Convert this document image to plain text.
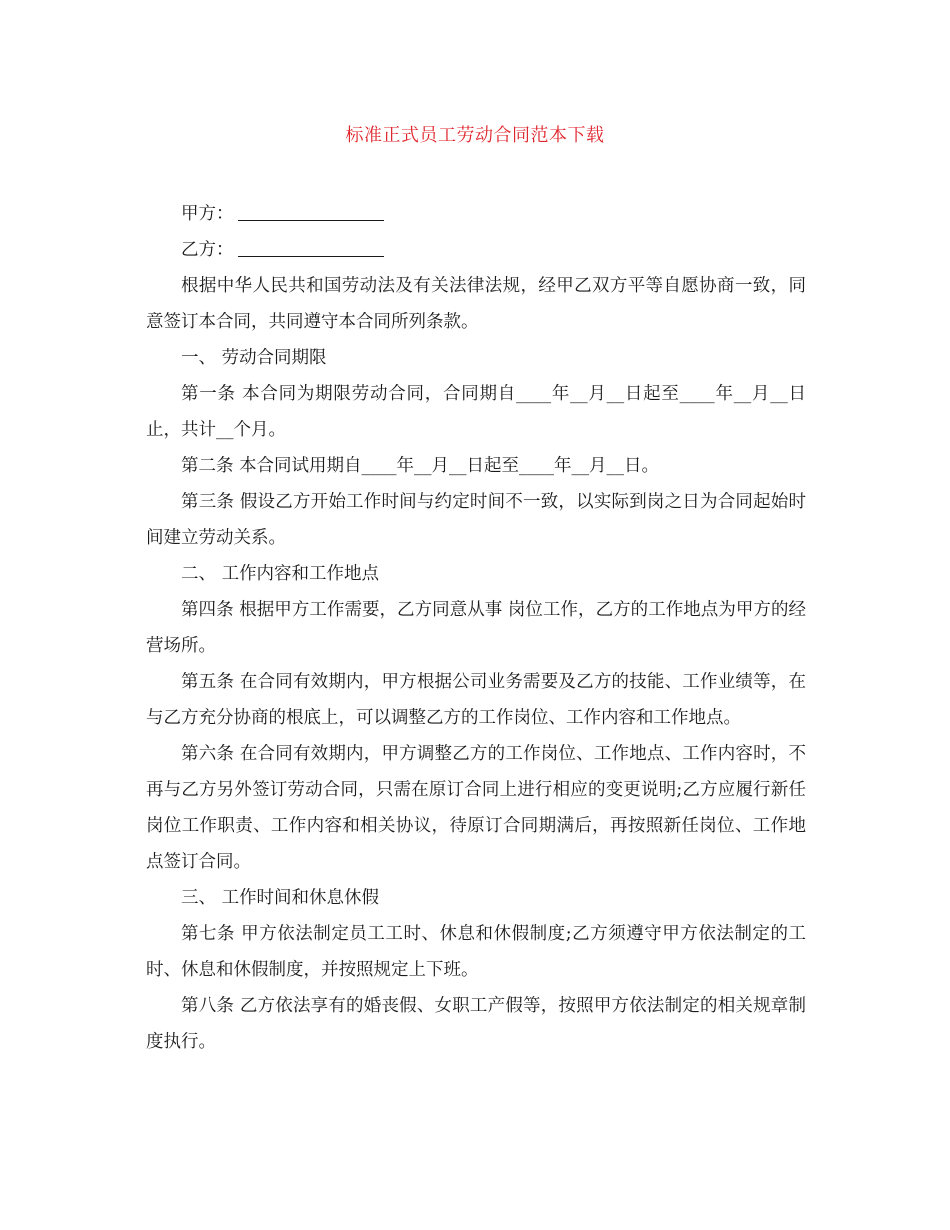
标准正式员工劳动合同范本下载

甲方：

乙方：

根据中华人民共和国劳动法及有关法律法规，经甲乙双方平等自愿协商一致，同意签订本合同，共同遵守本合同所列条款。

一、 劳动合同期限

第一条 本合同为期限劳动合同，合同期自____年__月__日起至____年__月__日止，共计__个月。

第二条 本合同试用期自____年__月__日起至____年__月__日。

第三条 假设乙方开始工作时间与约定时间不一致，以实际到岗之日为合同起始时间建立劳动关系。

二、 工作内容和工作地点

第四条 根据甲方工作需要，乙方同意从事 岗位工作，乙方的工作地点为甲方的经营场所。

第五条 在合同有效期内，甲方根据公司业务需要及乙方的技能、工作业绩等，在与乙方充分协商的根底上，可以调整乙方的工作岗位、工作内容和工作地点。

第六条 在合同有效期内，甲方调整乙方的工作岗位、工作地点、工作内容时，不再与乙方另外签订劳动合同，只需在原订合同上进行相应的变更说明;乙方应履行新任岗位工作职责、工作内容和相关协议，待原订合同期满后，再按照新任岗位、工作地点签订合同。

三、 工作时间和休息休假

第七条 甲方依法制定员工工时、休息和休假制度;乙方须遵守甲方依法制定的工时、休息和休假制度，并按照规定上下班。

第八条 乙方依法享有的婚丧假、女职工产假等，按照甲方依法制定的相关规章制度执行。
